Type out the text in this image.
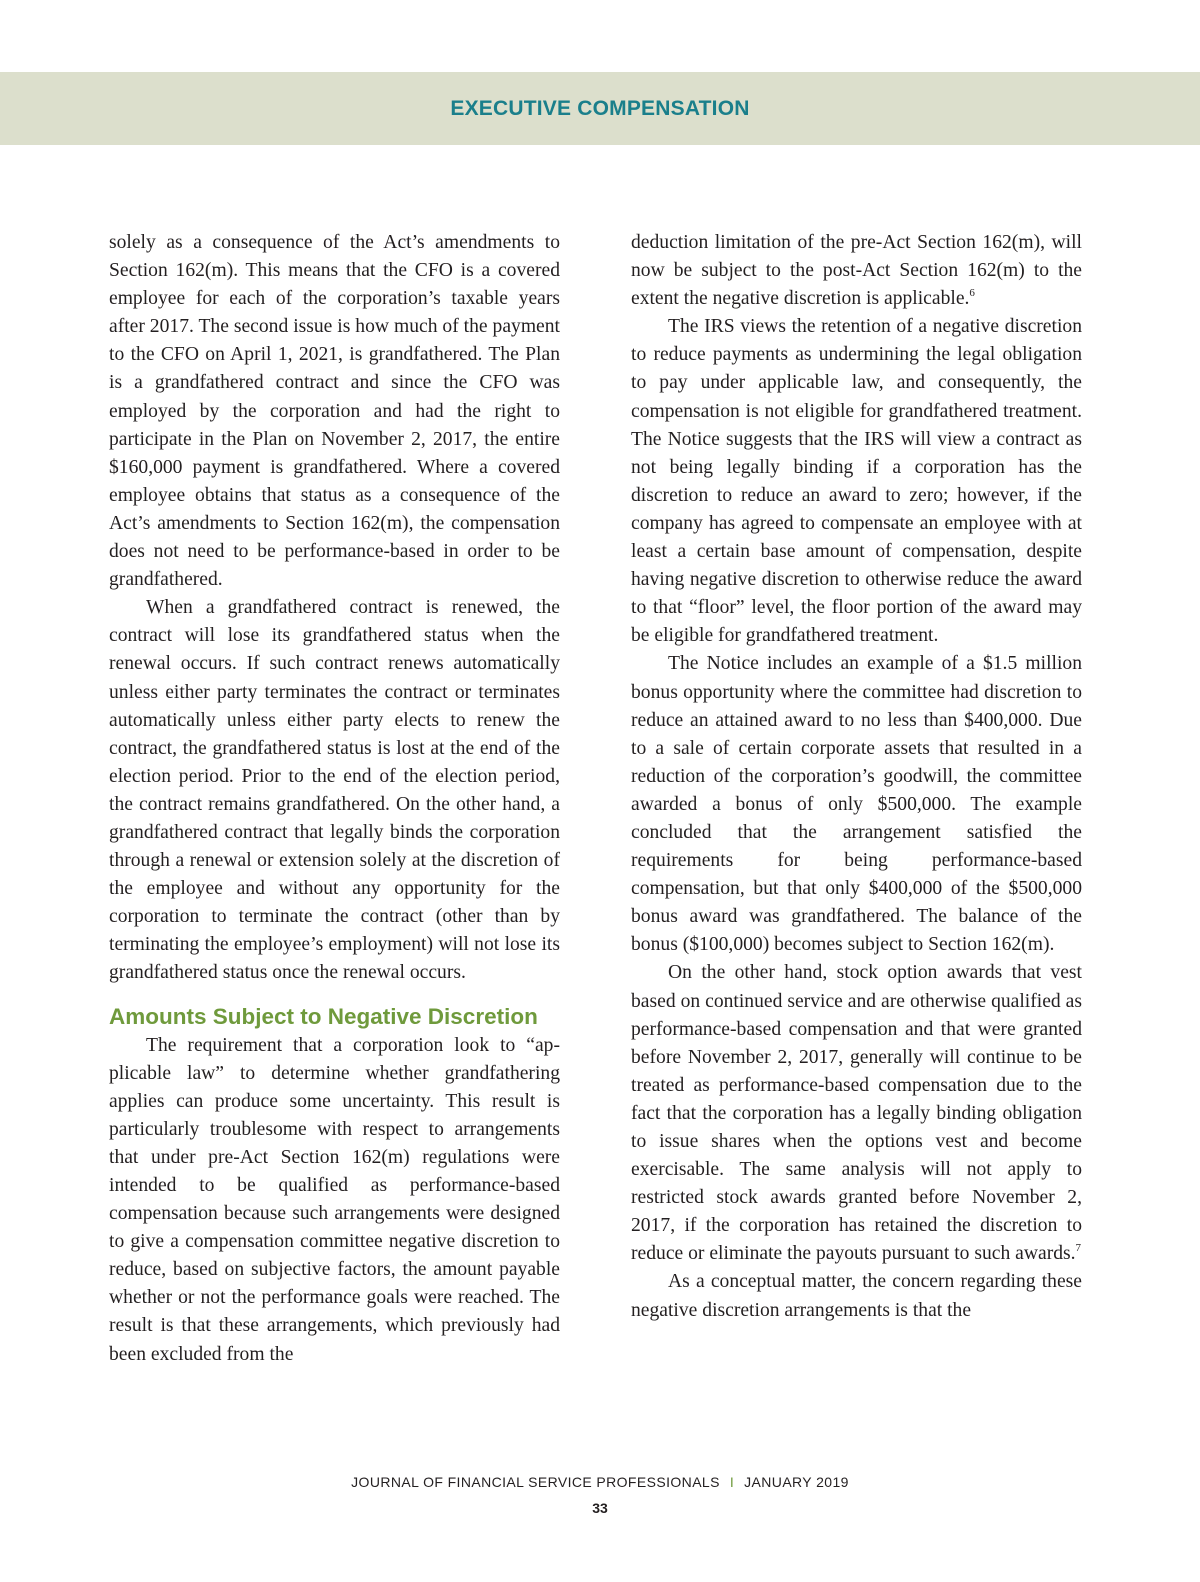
EXECUTIVE COMPENSATION

solely as a consequence of the Act’s amendments to Section 162(m). This means that the CFO is a covered employee for each of the corporation’s taxable years after 2017. The second issue is how much of the payment to the CFO on April 1, 2021, is grandfathered. The Plan is a grandfathered contract and since the CFO was employed by the corporation and had the right to participate in the Plan on November 2, 2017, the entire $160,000 payment is grandfathered. Where a covered employee obtains that status as a consequence of the Act’s amendments to Section 162(m), the compensation does not need to be performance-based in order to be grandfathered.

When a grandfathered contract is renewed, the contract will lose its grandfathered status when the renewal occurs. If such contract renews automatically unless either party terminates the contract or terminates automatically unless either party elects to renew the contract, the grandfathered status is lost at the end of the election period. Prior to the end of the election period, the contract remains grandfathered. On the other hand, a grandfathered contract that legally binds the corporation through a renewal or extension solely at the discretion of the employee and without any opportunity for the corporation to terminate the contract (other than by terminating the employee’s employment) will not lose its grandfathered status once the renewal occurs.

Amounts Subject to Negative Discretion

The requirement that a corporation look to “applicable law” to determine whether grandfathering applies can produce some uncertainty. This result is particularly troublesome with respect to arrangements that under pre-Act Section 162(m) regulations were intended to be qualified as performance-based compensation because such arrangements were designed to give a compensation committee negative discretion to reduce, based on subjective factors, the amount payable whether or not the performance goals were reached. The result is that these arrangements, which previously had been excluded from the

deduction limitation of the pre-Act Section 162(m), will now be subject to the post-Act Section 162(m) to the extent the negative discretion is applicable.$^6$

The IRS views the retention of a negative discretion to reduce payments as undermining the legal obligation to pay under applicable law, and consequently, the compensation is not eligible for grandfathered treatment. The Notice suggests that the IRS will view a contract as not being legally binding if a corporation has the discretion to reduce an award to zero; however, if the company has agreed to compensate an employee with at least a certain base amount of compensation, despite having negative discretion to otherwise reduce the award to that “floor” level, the floor portion of the award may be eligible for grandfathered treatment.

The Notice includes an example of a $1.5 million bonus opportunity where the committee had discretion to reduce an attained award to no less than $400,000. Due to a sale of certain corporate assets that resulted in a reduction of the corporation’s goodwill, the committee awarded a bonus of only $500,000. The example concluded that the arrangement satisfied the requirements for being performance-based compensation, but that only $400,000 of the $500,000 bonus award was grandfathered. The balance of the bonus ($100,000) becomes subject to Section 162(m).

On the other hand, stock option awards that vest based on continued service and are otherwise qualified as performance-based compensation and that were granted before November 2, 2017, generally will continue to be treated as performance-based compensation due to the fact that the corporation has a legally binding obligation to issue shares when the options vest and become exercisable. The same analysis will not apply to restricted stock awards granted before November 2, 2017, if the corporation has retained the discretion to reduce or eliminate the payouts pursuant to such awards.$^7$

As a conceptual matter, the concern regarding these negative discretion arrangements is that the

JOURNAL OF FINANCIAL SERVICE PROFESSIONALS I JANUARY 2019
33
